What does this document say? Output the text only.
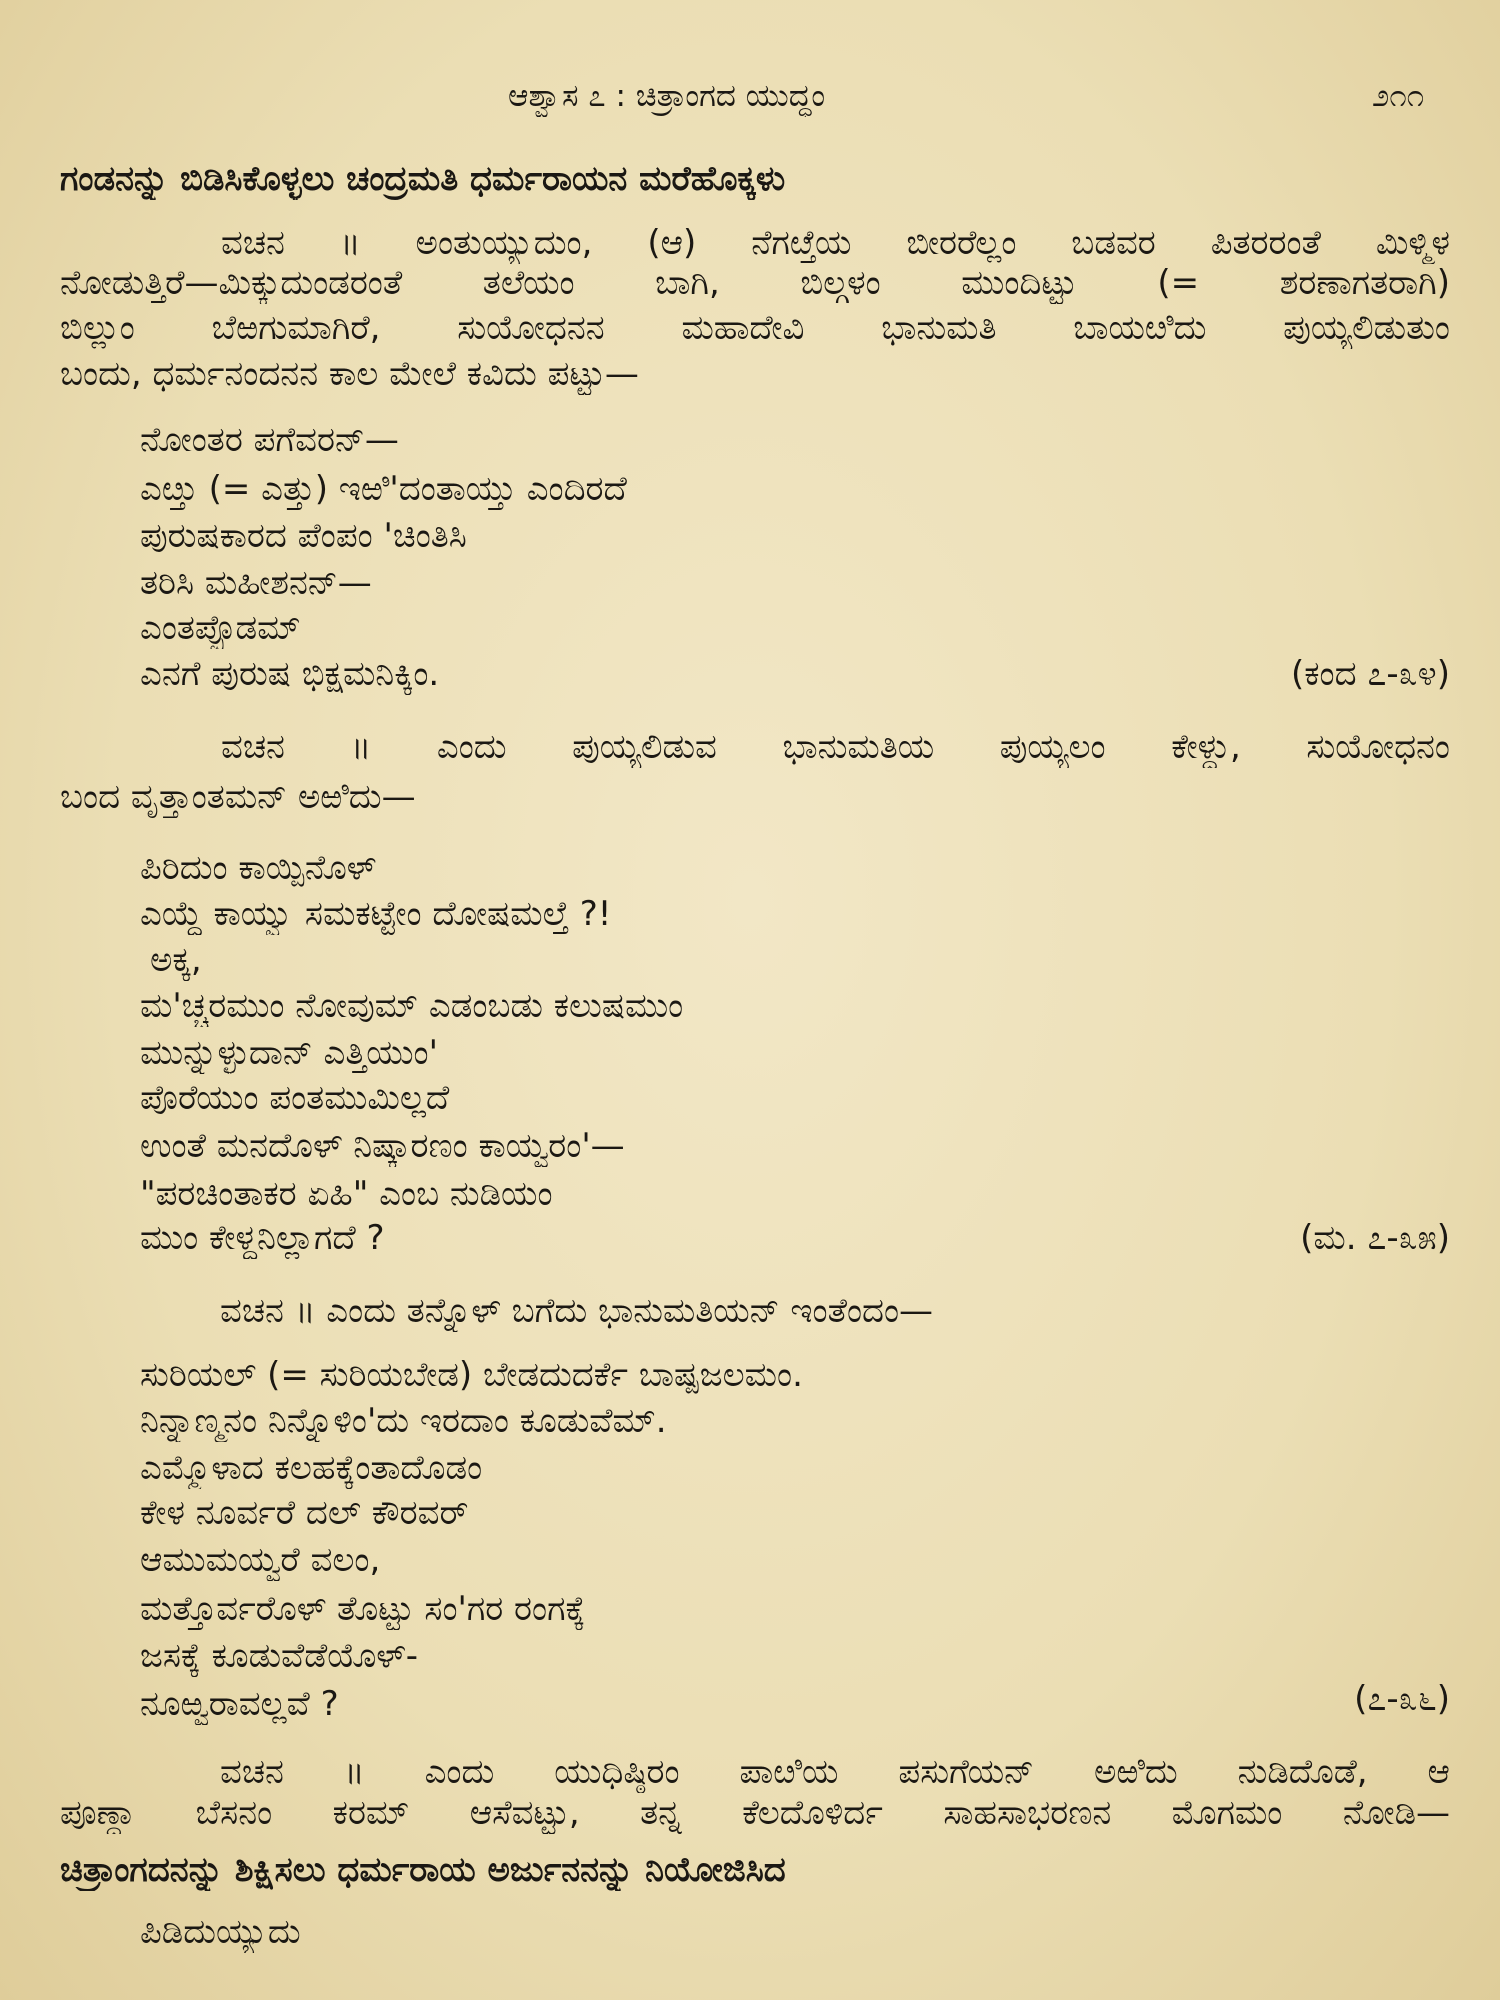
ಆಶ್ವಾಸ ೭ : ಚಿತ್ರಾಂಗದ ಯುದ್ಧಂ	೨೧೧
ಗಂಡನನ್ನು ಬಿಡಿಸಿಕೊಳ್ಳಲು ಚಂದ್ರಮತಿ ಧರ್ಮರಾಯನ ಮರೆಹೊಕ್ಕಳು
ವಚನ ॥ ಅಂತುಯ್ಯುದುಂ, (ಆ) ನೆಗೞ್ತೆಯ ಬೀರರೆಲ್ಲಂ ಬಡವರ ಪಿತರರಂತೆ ಮಿಳ್ಮಿಳ
ನೋಡುತ್ತಿರೆ—ಮಿಕ್ಕುದುಂಡರಂತೆ ತಲೆಯಂ ಬಾಗಿ, ಬಿಲ್ಗಳಂ ಮುಂದಿಟ್ಟು (= ಶರಣಾಗತರಾಗಿ)
ಬಿಲ್ಲುಂ ಬೆಱಗುಮಾಗಿರೆ, ಸುಯೋಧನನ ಮಹಾದೇವಿ ಭಾನುಮತಿ ಬಾಯೞಿದು ಪುಯ್ಯಲಿಡುತುಂ
ಬಂದು, ಧರ್ಮನಂದನನ ಕಾಲ ಮೇಲೆ ಕವಿದು ಪಟ್ಟು—
ನೋಂತರ ಪಗೆವರನ್—
ಎೞ್ತು (= ಎತ್ತು) ಇಱಿ'ದಂತಾಯ್ತು ಎಂದಿರದೆ
ಪುರುಷಕಾರದ ಪೆಂಪಂ 'ಚಿಂತಿಸಿ
ತರಿಸಿ ಮಹೀಶನನ್—
ಎಂತಪ್ಪೊಡಮ್
ಎನಗೆ ಪುರುಷ ಭಿಕ್ಷಮನಿಕ್ಕಿಂ.	(ಕಂದ ೭-೩೪)
ವಚನ ॥ ಎಂದು ಪುಯ್ಯಲಿಡುವ ಭಾನುಮತಿಯ ಪುಯ್ಯಲಂ ಕೇಳ್ದು, ಸುಯೋಧನಂ
ಬಂದ ವೃತ್ತಾಂತಮನ್ ಅಱಿದು—
ಪಿರಿದುಂ ಕಾಯ್ಪಿನೊಳ್
ಎಯ್ದೆ ಕಾಯ್ವು ಸಮಕಟ್ಟೇಂ ದೋಷಮಲ್ತೆ ?!
ಅಕ್ಕ,
ಮ'ಚ್ಚರಮುಂ ನೋವುಮ್ ಎಡಂಬಡು ಕಲುಷಮುಂ
ಮುನ್ನುಳ್ಳುದಾನ್ ಎತ್ತಿಯುಂ'
ಪೊರೆಯುಂ ಪಂತಮುಮಿಲ್ಲದೆ
ಉಂತೆ ಮನದೊಳ್ ನಿಷ್ಕಾರಣಂ ಕಾಯ್ವರಂ'—
"ಪರಚಿಂತಾಕರ ಏಹಿ" ಎಂಬ ನುಡಿಯಂ
ಮುಂ ಕೇಳ್ದನಿಲ್ಲಾಗದೆ ?	(ಮ. ೭-೩೫)
ವಚನ ॥ ಎಂದು ತನ್ನೊಳ್ ಬಗೆದು ಭಾನುಮತಿಯನ್ ಇಂತೆಂದಂ—
ಸುರಿಯಲ್ (= ಸುರಿಯಬೇಡ) ಬೇಡದುದರ್ಕೆ ಬಾಷ್ಪಜಲಮಂ.
ನಿನ್ನಾಣ್ಮನಂ ನಿನ್ನೊಳಿಂ'ದು ಇರದಾಂ ಕೂಡುವೆಮ್.
ಎಮ್ಮೊಳಾದ ಕಲಹಕ್ಕೆಂತಾದೊಡಂ
ಕೇಳ ನೂರ್ವರೆ ದಲ್ ಕೌರವರ್
ಆಮುಮಯ್ವರೆ ವಲಂ,
ಮತ್ತೊರ್ವರೊಳ್ ತೊಟ್ಟು ಸಂ'ಗರ ರಂಗಕ್ಕೆ
ಜಸಕ್ಕೆ ಕೂಡುವೆಡೆಯೊಳ್-
ನೂಱ್ವರಾವಲ್ಲವೆ ?	(೭-೩೬)
ವಚನ ॥ ಎಂದು ಯುಧಿಷ್ಠಿರಂ ಪಾೞಿಯ ಪಸುಗೆಯನ್ ಅಱಿದು ನುಡಿದೊಡೆ, ಆ
ಪೂಣ್ದಾ ಬೆಸನಂ ಕರಮ್ ಆಸೆವಟ್ಟು, ತನ್ನ ಕೆಲದೊಳಿರ್ದ ಸಾಹಸಾಭರಣನ ಮೊಗಮಂ ನೋಡಿ—
ಚಿತ್ರಾಂಗದನನ್ನು ಶಿಕ್ಷಿಸಲು ಧರ್ಮರಾಯ ಅರ್ಜುನನನ್ನು ನಿಯೋಜಿಸಿದ
ಪಿಡಿದುಯ್ಯುದು
